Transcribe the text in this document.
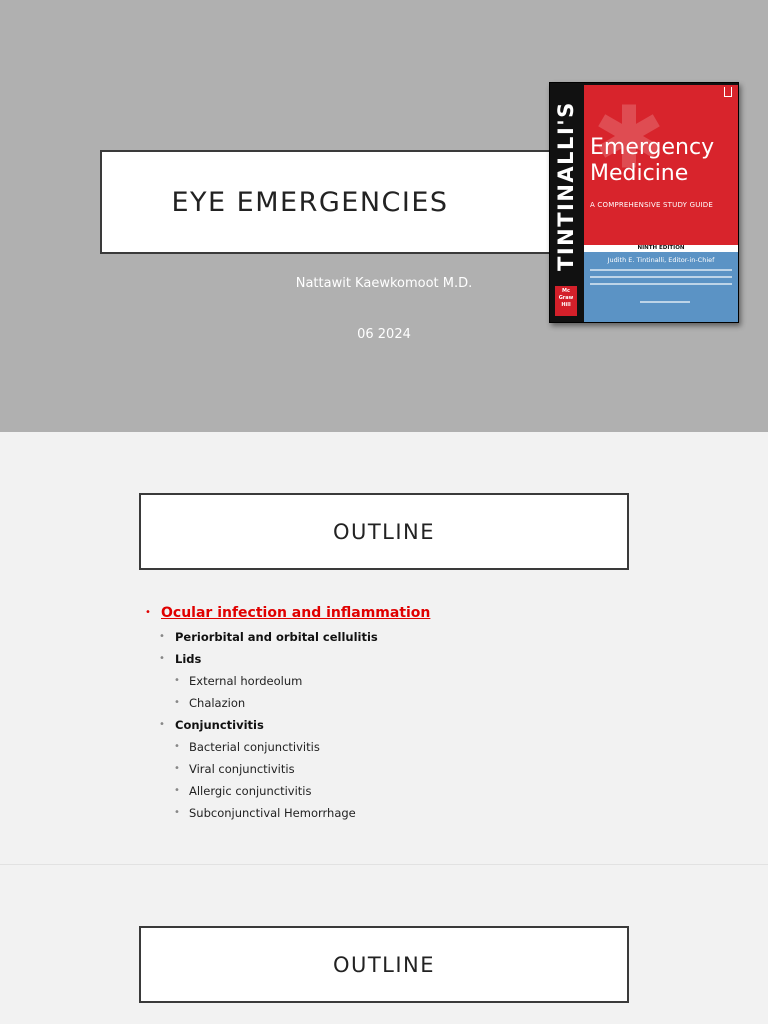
EYE EMERGENCIES
Nattawit Kaewkomoot M.D.
06 2024
TINTINALLI'S
Mc Graw Hill
Emergency
Medicine
A COMPREHENSIVE STUDY GUIDE
NINTH EDITION
Judith E. Tintinalli, Editor-in-Chief
OUTLINE
• Ocular infection and inflammation
• Periorbital and orbital cellulitis
• Lids
• External hordeolum
• Chalazion
• Conjunctivitis
• Bacterial conjunctivitis
• Viral conjunctivitis
• Allergic conjunctivitis
• Subconjunctival Hemorrhage
OUTLINE
